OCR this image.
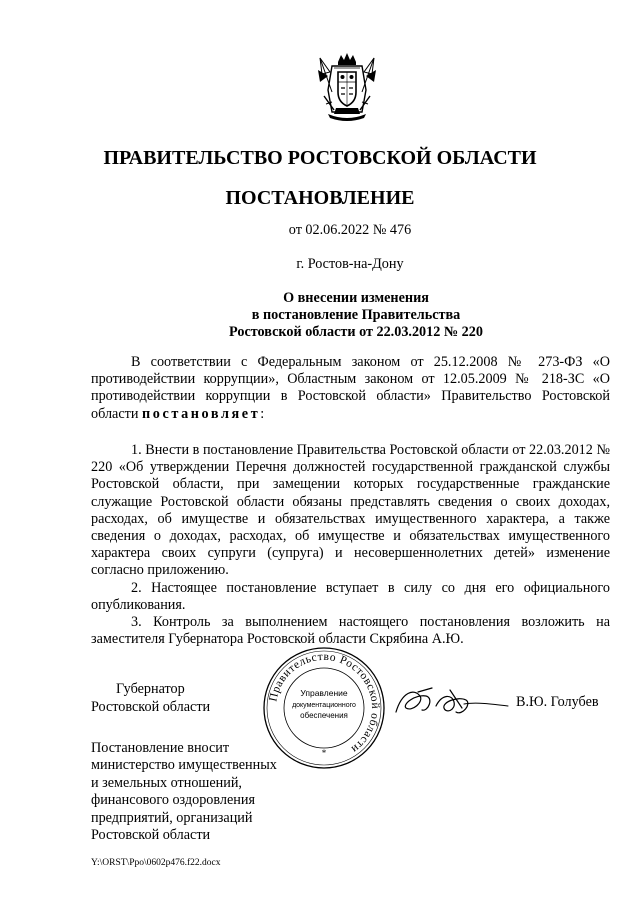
ПРАВИТЕЛЬСТВО РОСТОВСКОЙ ОБЛАСТИ
ПОСТАНОВЛЕНИЕ
от 02.06.2022 № 476
г. Ростов-на-Дону
О внесении изменения
в постановление Правительства
Ростовской области от 22.03.2012 № 220

В соответствии с Федеральным законом от 25.12.2008 № 273-ФЗ «О противодействии коррупции», Областным законом от 12.05.2009 № 218-ЗС «О противодействии коррупции в Ростовской области» Правительство Ростовской области постановляет:

1. Внести в постановление Правительства Ростовской области от 22.03.2012 № 220 «Об утверждении Перечня должностей государственной гражданской службы Ростовской области, при замещении которых государственные гражданские служащие Ростовской области обязаны представлять сведения о своих доходах, расходах, об имуществе и обязательствах имущественного характера, а также сведения о доходах, расходах, об имуществе и обязательствах имущественного характера своих супруги (супруга) и несовершеннолетних детей» изменение согласно приложению.

2. Настоящее постановление вступает в силу со дня его официального опубликования.

3. Контроль за выполнением настоящего постановления возложить на заместителя Губернатора Ростовской области Скрябина А.Ю.

Губернатор
Ростовской области
Правительство Ростовской области
Управление
документационного
обеспечения
*
В.Ю. Голубев
Постановление вносит
министерство имущественных
и земельных отношений,
финансового оздоровления
предприятий, организаций
Ростовской области
Y:\ORST\Ppo\0602p476.f22.docx
